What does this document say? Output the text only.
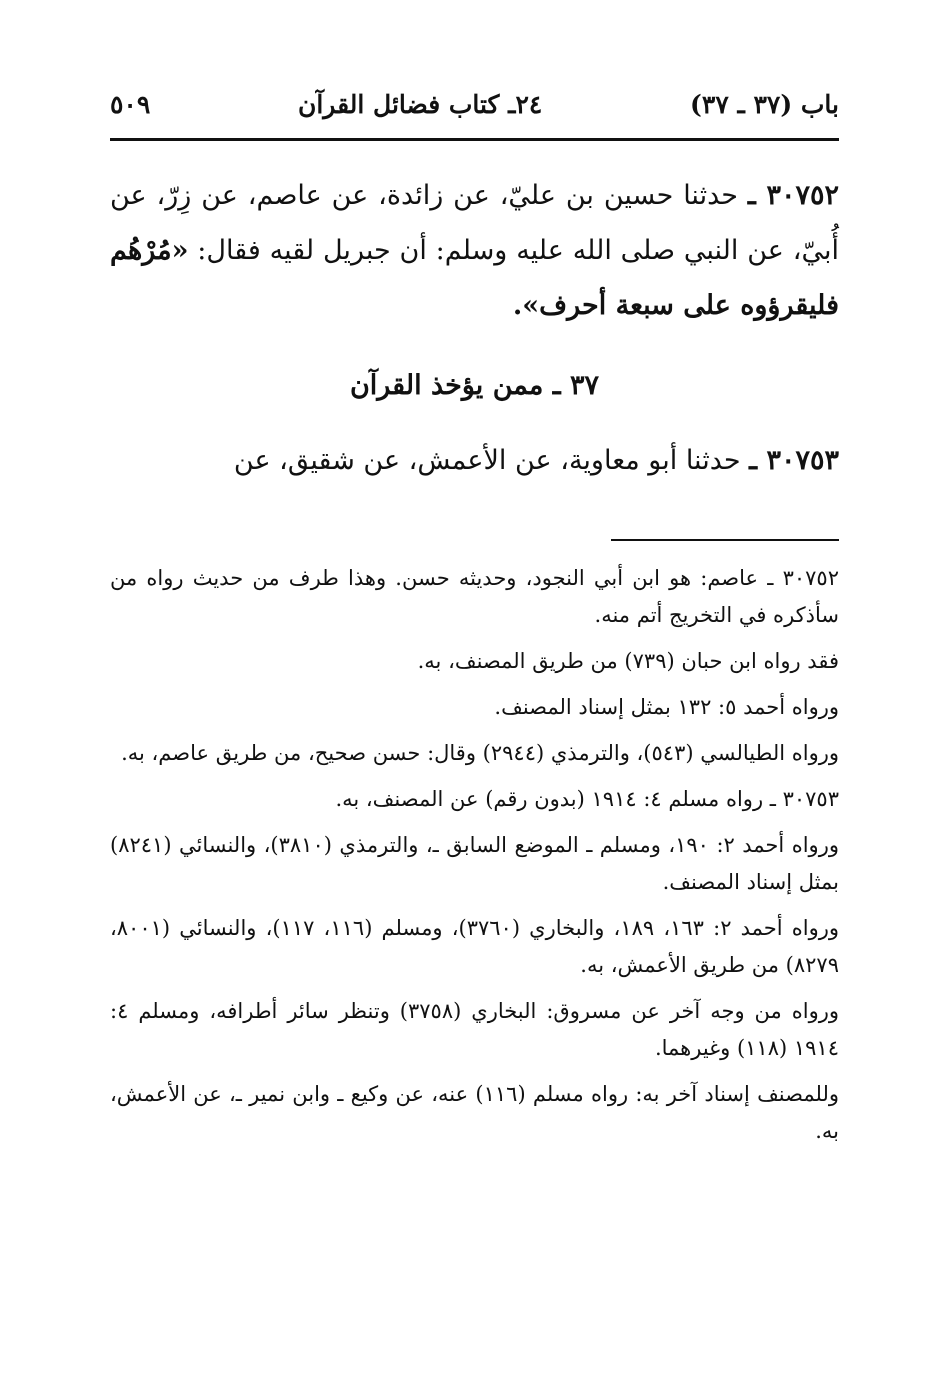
باب (٣٧ ـ ٣٧)
٢٤ـ كتاب فضائل القرآن
٥٠٩

٣٠٧٥٢ ـ حدثنا حسين بن عليّ، عن زائدة، عن عاصم، عن زِرّ، عن أُبيّ، عن النبي صلى الله عليه وسلم: أن جبريل لقيه فقال: «مُرْهُم فليقرؤوه على سبعة أحرف».

٣٧ ـ ممن يؤخذ القرآن

٣٠٧٥٣ ـ حدثنا أبو معاوية، عن الأعمش، عن شقيق، عن

٣٠٧٥٢ ـ عاصم: هو ابن أبي النجود، وحديثه حسن. وهذا طرف من حديث رواه من سأذكره في التخريج أتم منه.

فقد رواه ابن حبان (٧٣٩) من طريق المصنف، به.

ورواه أحمد ٥: ١٣٢ بمثل إسناد المصنف.

ورواه الطيالسي (٥٤٣)، والترمذي (٢٩٤٤) وقال: حسن صحيح، من طريق عاصم، به.

٣٠٧٥٣ ـ رواه مسلم ٤: ١٩١٤ (بدون رقم) عن المصنف، به.

ورواه أحمد ٢: ١٩٠، ومسلم ـ الموضع السابق ـ، والترمذي (٣٨١٠)، والنسائي (٨٢٤١) بمثل إسناد المصنف.

ورواه أحمد ٢: ١٦٣، ١٨٩، والبخاري (٣٧٦٠)، ومسلم (١١٦، ١١٧)، والنسائي (٨٠٠١، ٨٢٧٩) من طريق الأعمش، به.

ورواه من وجه آخر عن مسروق: البخاري (٣٧٥٨) وتنظر سائر أطرافه، ومسلم ٤: ١٩١٤ (١١٨) وغيرهما.

وللمصنف إسناد آخر به: رواه مسلم (١١٦) عنه، عن وكيع ـ وابن نمير ـ، عن الأعمش، به.
